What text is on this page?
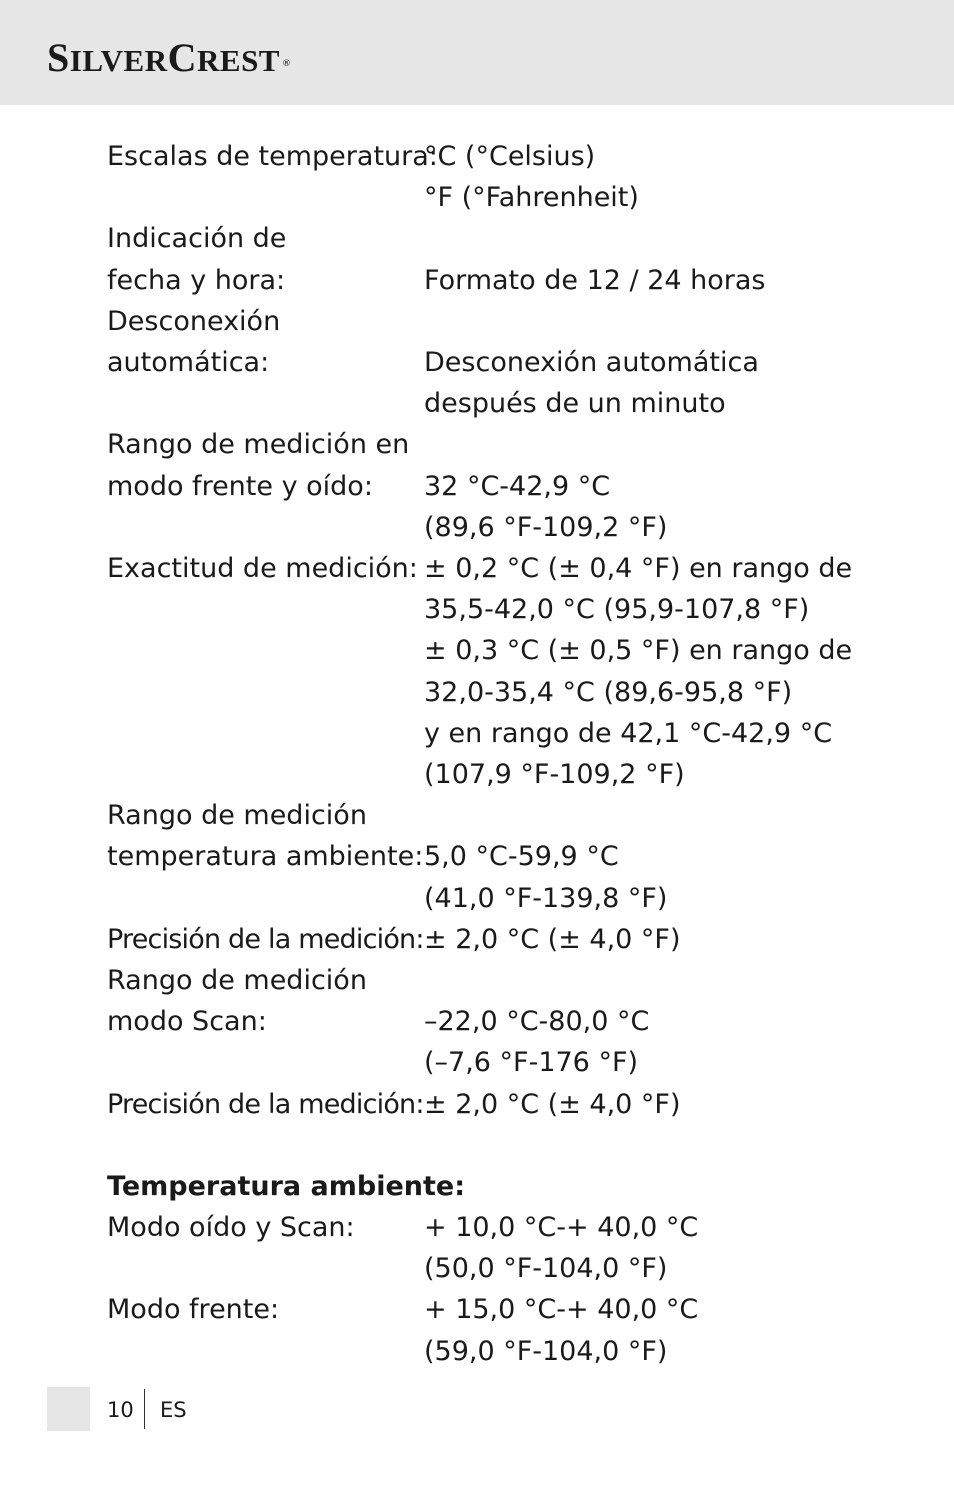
SILVERCREST ®
Escalas de temperatura:
°C (°Celsius)
°F (°Fahrenheit)
Indicación de
fecha y hora:	Formato de 12 / 24 horas
Desconexión
automática:	Desconexión automática
después de un minuto
Rango de medición en
modo frente y oído:	32 °C-42,9 °C
(89,6 °F-109,2 °F)
Exactitud de medición: ± 0,2 °C (± 0,4 °F) en rango de
35,5-42,0 °C (95,9-107,8 °F)
± 0,3 °C (± 0,5 °F) en rango de
32,0-35,4 °C (89,6-95,8 °F)
y en rango de 42,1 °C-42,9 °C
(107,9 °F-109,2 °F)
Rango de medición
temperatura ambiente: 5,0 °C-59,9 °C
(41,0 °F-139,8 °F)
Precisión de la medición: ± 2,0 °C (± 4,0 °F)
Rango de medición
modo Scan:	–22,0 °C-80,0 °C
(–7,6 °F-176 °F)
Precisión de la medición: ± 2,0 °C (± 4,0 °F)
Temperatura ambiente:
Modo oído y Scan:	+ 10,0 °C-+ 40,0 °C
(50,0 °F-104,0 °F)
Modo frente:	+ 15,0 °C-+ 40,0 °C
(59,0 °F-104,0 °F)
10 ES
